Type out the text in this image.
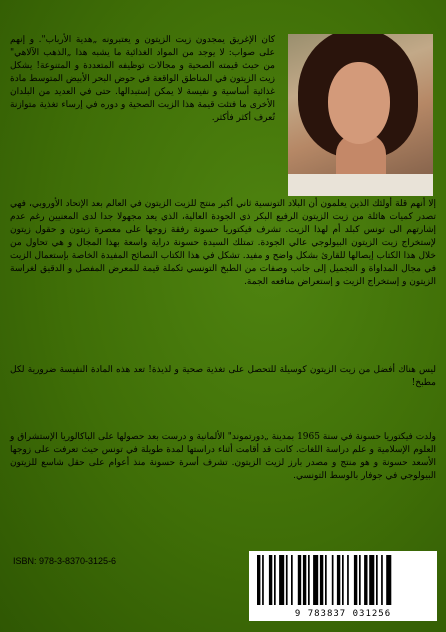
كان الإغريق يمجدون زيت الزيتون و يعتبرونه „هدية الأرباب". و إنهم على صواب: لا يوجد من المواد الغذائية ما يشبه هذا „الذهب الآلاهي" من حيث قيمته الصحية و مجالات توظيفه المتعددة و المتنوعة! يشكل زيت الزيتون في المناطق الواقعة في حوض البحر الأبيض المتوسط مادة غذائية أساسية و نفيسة لا يمكن إستبدالها. حتى في العديد من البلدان الأخرى ما فتئت قيمة هذا الزيت الصحية و دوره في إرساء تغذية متوازنة تُعرف أكثر فأكثر.
إلا أنهم قلة أولئك الذين يعلمون أن البلاد التونسية ثاني أكبر منتج للزيت الزيتون في العالم بعد الإتحاد الأوروبي، فهي تصدر كميات هائلة من زيت الزيتون الرفيع البكر ذي الجودة العالية، الذي يعد مجهولا جدا لدى المعنيين رغم عدم إشارتهم الى تونس كبلد أم لهذا الزيت. تشرف فيكتوريا حسونة رفقة زوجها على معصرة زيتون و حقول زيتون لإستخراج زيت الزيتون البيولوجي عالي الجودة. تمتلك السيدة حسونة دراية واسعة بهذا المجال و هي تحاول من خلال هذا الكتاب إيصالها للقارئ بشكل واضح و مفيد. تشكل في هذا الكتاب النصائح المفيدة الخاصة بإستعمال الزيت في مجال المداواة و التجميل إلى جانب وصفات من الطبخ التونسي تكملة قيمة للمعرض المفصل و الدقيق لغراسة الزيتون و إستخراج الزيت و إستعراض منافعه الجمة.
ليس هناك أفضل من زيت الزيتون كوسيلة للتحصل على تغذية صحية و لذيذة! تعد هذه المادة النفيسة ضرورية لكل مطبخ!
ولدت فيكتوريا حسونة في سنة 1965 بمدينة „دورتموند" الألمانية و درست بعد حصولها على الباكالوريا الإستشراق و العلوم الإسلامية و علم دراسة اللغات. كانت قد أقامت أثناء دراستها لمدة طويلة في تونس حيث تعرفت على زوجها الأسعد حسونة و هو منتج و مصدر بارز لزيت الزيتون. تشرف أسرة حسونة منذ أعوام على حقل شاسع للزيتون البيولوجي في جوفار بالوسط التونسي.
ISBN: 978-3-8370-3125-6
9 783837 031256
